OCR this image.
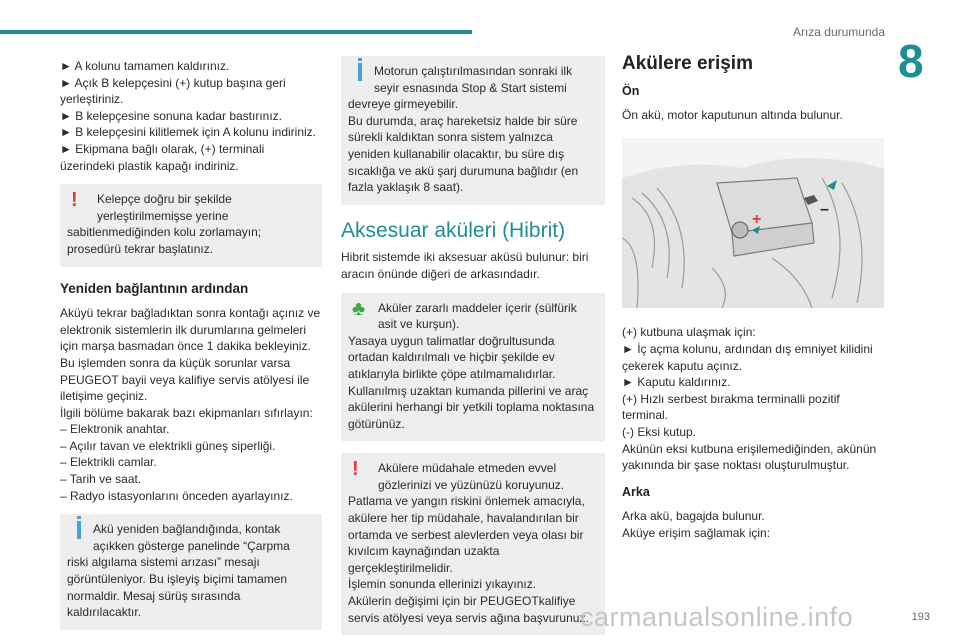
Arıza durumunda
8

► A kolunu tamamen kaldırınız.

► Açık B kelepçesini (+) kutup başına geri yerleştiriniz.

► B kelepçesine sonuna kadar bastırınız.

► B kelepçesini kilitlemek için A kolunu indiriniz.

► Ekipmana bağlı olarak, (+) terminali üzerindeki plastik kapağı indiriniz.

!	Kelepçe doğru bir şekilde yerleştirilmemişse yerine

sabitlenmediğinden kolu zorlamayın; prosedürü tekrar başlatınız.

Yeniden bağlantının ardından

Aküyü tekrar bağladıktan sonra kontağı açınız ve elektronik sistemlerin ilk durumlarına gelmeleri için marşa basmadan önce 1 dakika bekleyiniz.

Bu işlemden sonra da küçük sorunlar varsa PEUGEOT bayii veya kalifiye servis atölyesi ile iletişime geçiniz.

İlgili bölüme bakarak bazı ekipmanları sıfırlayın:

– Elektronik anahtar.

– Açılır tavan ve elektrikli güneş siperliği.

– Elektrikli camlar.

– Tarih ve saat.

– Radyo istasyonlarını önceden ayarlayınız.

Akü yeniden bağlandığında, kontak açıkken gösterge panelinde “Çarpma

riski algılama sistemi arızası” mesajı görüntüleniyor. Bu işleyiş biçimi tamamen normaldir. Mesaj sürüş sırasında kaldırılacaktır.

Motorun çalıştırılmasından sonraki ilk seyir esnasında Stop & Start sistemi

devreye girmeyebilir.
Bu durumda, araç hareketsiz halde bir süre sürekli kaldıktan sonra sistem yalnızca yeniden kullanabilir olacaktır, bu süre dış sıcaklığa ve akü şarj durumuna bağlıdır (en fazla yaklaşık 8 saat).

Aksesuar aküleri (Hibrit)

Hibrit sistemde iki aksesuar aküsü bulunur: biri aracın önünde diğeri de arkasındadır.

♣	Aküler zararlı maddeler içerir (sülfürik asit ve kurşun).

Yasaya uygun talimatlar doğrultusunda ortadan kaldırılmalı ve hiçbir şekilde ev atıklarıyla birlikte çöpe atılmamalıdırlar.
Kullanılmış uzaktan kumanda pillerini ve araç akülerini herhangi bir yetkili toplama noktasına götürünüz.

!	Akülere müdahale etmeden evvel gözlerinizi ve yüzünüzü koruyunuz.

Patlama ve yangın riskini önlemek amacıyla, akülere her tip müdahale, havalandırılan bir ortamda ve serbest alevlerden veya olası bir kıvılcım kaynağından uzakta gerçekleştirilmelidir.
İşlemin sonunda ellerinizi yıkayınız.
Akülerin değişimi için bir PEUGEOTkalifiye servis atölyesi veya servis ağına başvurunuz.

Akülere erişim
Ön

Ön akü, motor kaputunun altında bulunur.

+
–

(+) kutbuna ulaşmak için:

► İç açma kolunu, ardından dış emniyet kilidini çekerek kaputu açınız.

► Kaputu kaldırınız.

(+) Hızlı serbest bırakma terminalli pozitif terminal.

(-) Eksi kutup.

Akünün eksi kutbuna erişilemediğinden, akünün yakınında bir şase noktası oluşturulmuştur.

Arka

Arka akü, bagajda bulunur.

Aküye erişim sağlamak için:

carmanualsonline.info	193
